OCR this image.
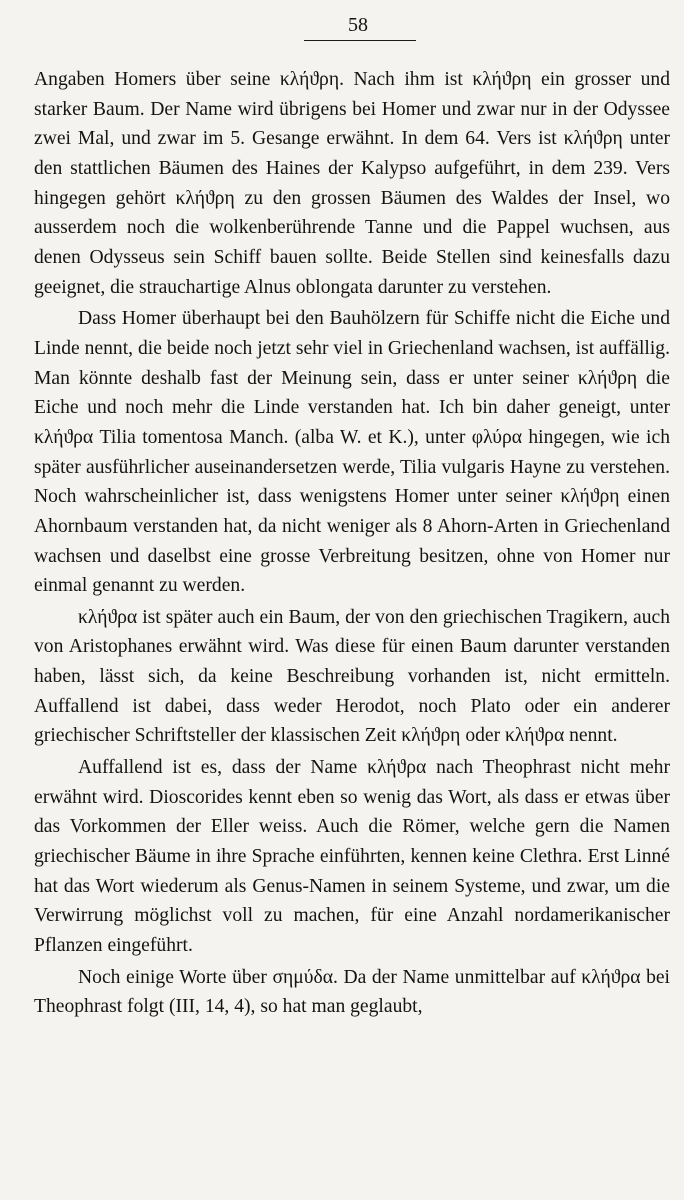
58

Angaben Homers über seine κλήϑρη. Nach ihm ist κλήϑρη ein grosser und starker Baum. Der Name wird übrigens bei Homer und zwar nur in der Odyssee zwei Mal, und zwar im 5. Gesange erwähnt. In dem 64. Vers ist κλήϑρη unter den stattlichen Bäumen des Haines der Kalypso aufgeführt, in dem 239. Vers hingegen gehört κλήϑρη zu den grossen Bäumen des Waldes der Insel, wo ausserdem noch die wolkenberührende Tanne und die Pappel wuchsen, aus denen Odysseus sein Schiff bauen sollte. Beide Stellen sind keinesfalls dazu geeignet, die strauchartige Alnus oblongata darunter zu verstehen.

Dass Homer überhaupt bei den Bauhölzern für Schiffe nicht die Eiche und Linde nennt, die beide noch jetzt sehr viel in Griechenland wachsen, ist auffällig. Man könnte deshalb fast der Meinung sein, dass er unter seiner κλήϑρη die Eiche und noch mehr die Linde verstanden hat. Ich bin daher geneigt, unter κλήϑρα Tilia tomentosa Manch. (alba W. et K.), unter φλύρα hingegen, wie ich später ausführlicher auseinandersetzen werde, Tilia vulgaris Hayne zu verstehen. Noch wahrscheinlicher ist, dass wenigstens Homer unter seiner κλήϑρη einen Ahornbaum verstanden hat, da nicht weniger als 8 Ahorn-Arten in Griechenland wachsen und daselbst eine grosse Verbreitung besitzen, ohne von Homer nur einmal genannt zu werden.

κλήϑρα ist später auch ein Baum, der von den griechischen Tragikern, auch von Aristophanes erwähnt wird. Was diese für einen Baum darunter verstanden haben, lässt sich, da keine Beschreibung vorhanden ist, nicht ermitteln. Auffallend ist dabei, dass weder Herodot, noch Plato oder ein anderer griechischer Schriftsteller der klassischen Zeit κλήϑρη oder κλήϑρα nennt.

Auffallend ist es, dass der Name κλήϑρα nach Theophrast nicht mehr erwähnt wird. Dioscorides kennt eben so wenig das Wort, als dass er etwas über das Vorkommen der Eller weiss. Auch die Römer, welche gern die Namen griechischer Bäume in ihre Sprache einführten, kennen keine Clethra. Erst Linné hat das Wort wiederum als Genus-Namen in seinem Systeme, und zwar, um die Verwirrung möglichst voll zu machen, für eine Anzahl nordamerikanischer Pflanzen eingeführt.

Noch einige Worte über σημύδα. Da der Name unmittelbar auf κλήϑρα bei Theophrast folgt (III, 14, 4), so hat man geglaubt,
